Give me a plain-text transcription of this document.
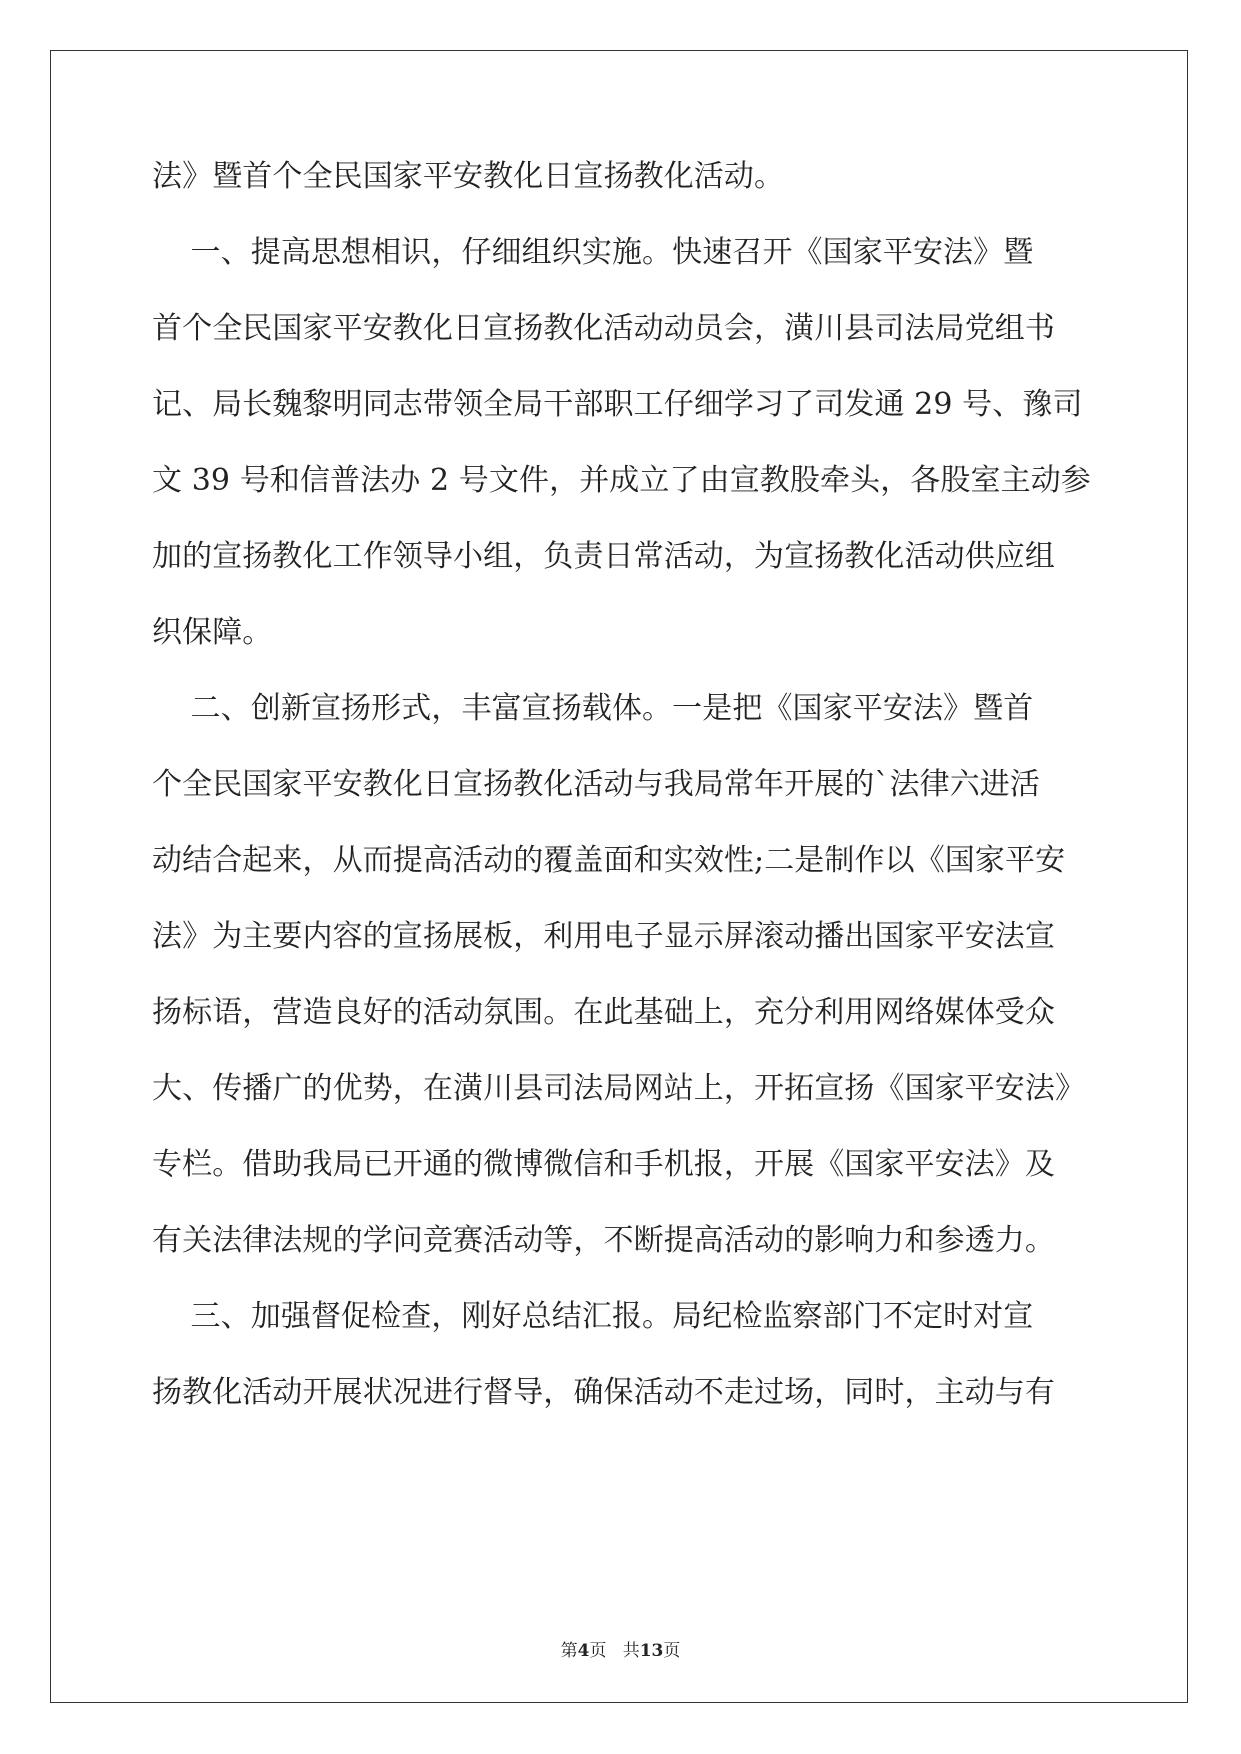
法》暨首个全民国家平安教化日宣扬教化活动。
一、提高思想相识，仔细组织实施。快速召开《国家平安法》暨
首个全民国家平安教化日宣扬教化活动动员会，潢川县司法局党组书
记、局长魏黎明同志带领全局干部职工仔细学习了司发通 29 号、豫司
文 39 号和信普法办 2 号文件，并成立了由宣教股牵头，各股室主动参
加的宣扬教化工作领导小组，负责日常活动，为宣扬教化活动供应组
织保障。
二、创新宣扬形式，丰富宣扬载体。一是把《国家平安法》暨首
个全民国家平安教化日宣扬教化活动与我局常年开展的`法律六进活
动结合起来，从而提高活动的覆盖面和实效性;二是制作以《国家平安
法》为主要内容的宣扬展板，利用电子显示屏滚动播出国家平安法宣
扬标语，营造良好的活动氛围。在此基础上，充分利用网络媒体受众
大、传播广的优势，在潢川县司法局网站上，开拓宣扬《国家平安法》
专栏。借助我局已开通的微博微信和手机报，开展《国家平安法》及
有关法律法规的学问竞赛活动等，不断提高活动的影响力和参透力。
三、加强督促检查，刚好总结汇报。局纪检监察部门不定时对宣
扬教化活动开展状况进行督导，确保活动不走过场，同时，主动与有
第4页 共13页
